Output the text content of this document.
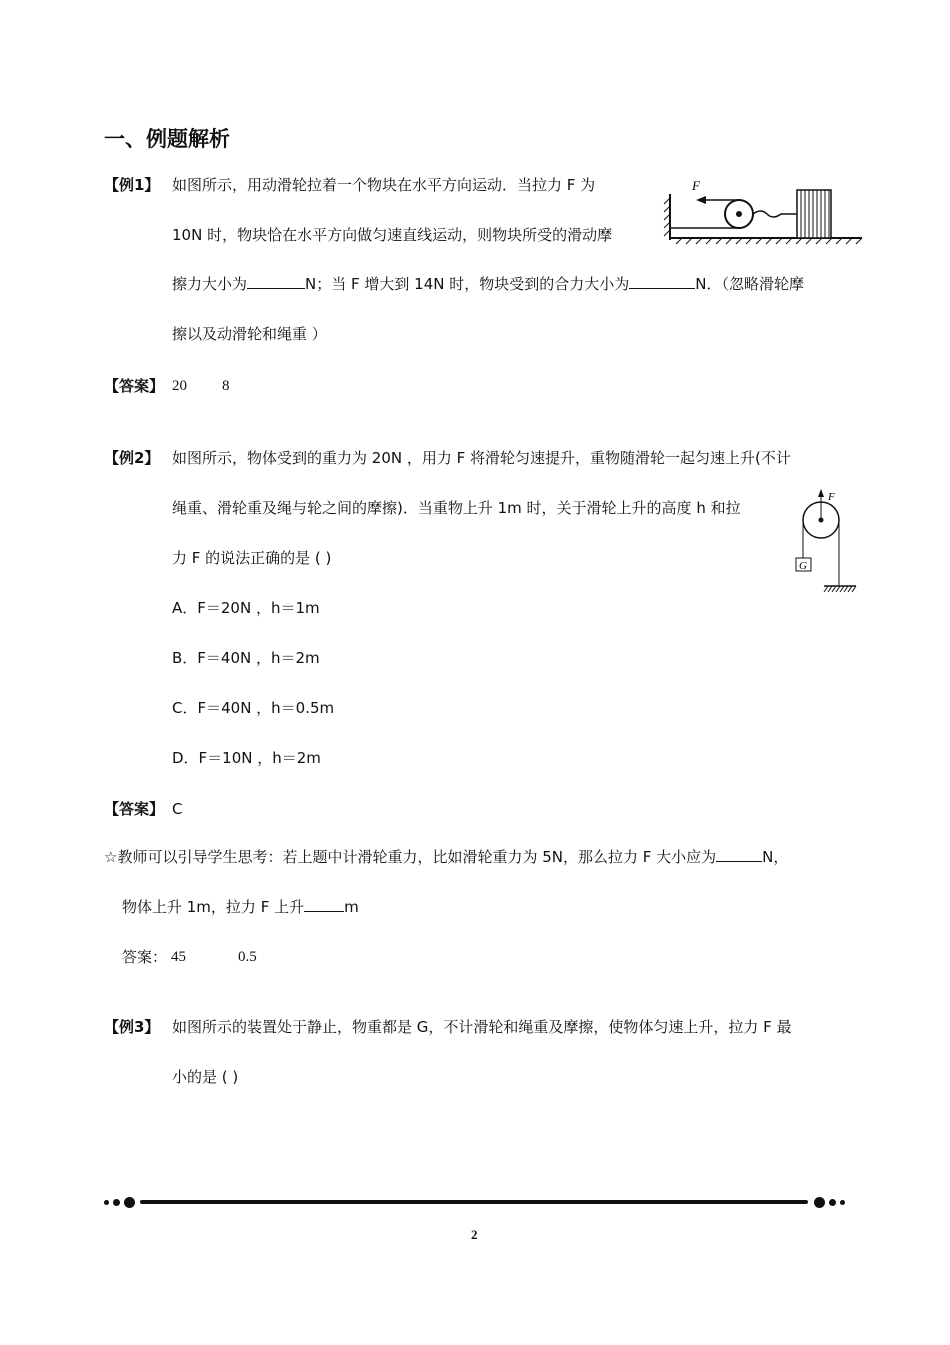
一、例题解析
【例1】 如图所示，用动滑轮拉着一个物块在水平方向运动．当拉力 F 为
10N 时，物块恰在水平方向做匀速直线运动，则物块所受的滑动摩
擦力大小为	N；当 F 增大到 14N 时，物块受到的合力大小为	N．（忽略滑轮摩
擦以及动滑轮和绳重 ）
F
【答案】 20 8
【例2】 如图所示，物体受到的重力为 20N ，用力 F 将滑轮匀速提升，重物随滑轮一起匀速上升(不计
绳重、滑轮重及绳与轮之间的摩擦)．当重物上升 1m 时，关于滑轮上升的高度 h 和拉
力 F 的说法正确的是 ( )
F
G
A．F＝20N ，h＝1m
B．F＝40N ，h＝2m
C．F＝40N ，h＝0.5m
D．F＝10N ，h＝2m
【答案】 C
☆教师可以引导学生思考：若上题中计滑轮重力，比如滑轮重力为 5N，那么拉力 F 大小应为	N，
物体上升 1m，拉力 F 上升	m
答案： 45	0.5
【例3】 如图所示的装置处于静止，物重都是 G，不计滑轮和绳重及摩擦，使物体匀速上升，拉力 F 最
小的是 ( )
2
